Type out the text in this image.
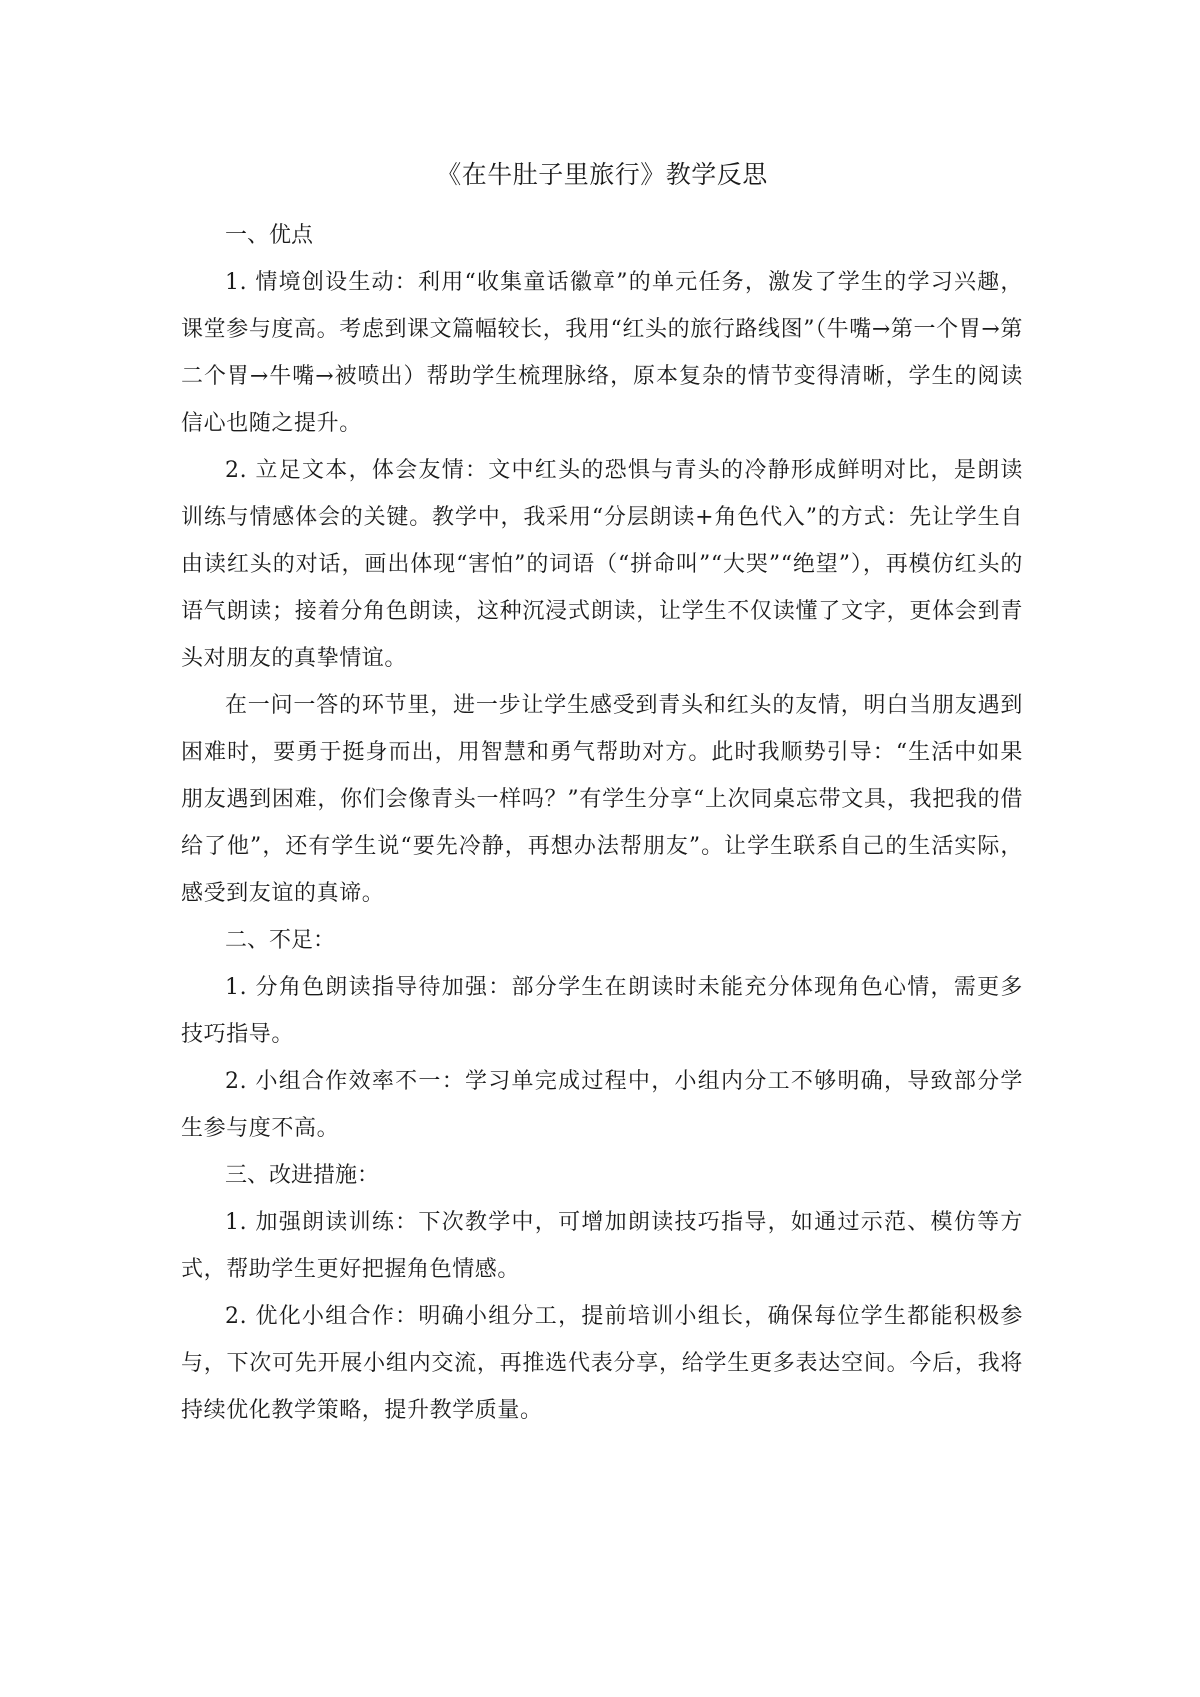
《在牛肚子里旅行》教学反思

一、优点

1. 情境创设生动：利用“收集童话徽章”的单元任务，激发了学生的学习兴趣，课堂参与度高。考虑到课文篇幅较长，我用“红头的旅行路线图”（牛嘴→第一个胃→第二个胃→牛嘴→被喷出）帮助学生梳理脉络，原本复杂的情节变得清晰，学生的阅读信心也随之提升。

2. 立足文本，体会友情：文中红头的恐惧与青头的冷静形成鲜明对比，是朗读训练与情感体会的关键。教学中，我采用“分层朗读+角色代入”的方式：先让学生自由读红头的对话，画出体现“害怕”的词语（“拼命叫”“大哭”“绝望”），再模仿红头的语气朗读；接着分角色朗读，这种沉浸式朗读，让学生不仅读懂了文字，更体会到青头对朋友的真挚情谊。

在一问一答的环节里，进一步让学生感受到青头和红头的友情，明白当朋友遇到困难时，要勇于挺身而出，用智慧和勇气帮助对方。此时我顺势引导：“生活中如果朋友遇到困难，你们会像青头一样吗？”有学生分享“上次同桌忘带文具，我把我的借给了他”，还有学生说“要先冷静，再想办法帮朋友”。让学生联系自己的生活实际，感受到友谊的真谛。

二、不足：

1. 分角色朗读指导待加强：部分学生在朗读时未能充分体现角色心情，需更多技巧指导。

2. 小组合作效率不一：学习单完成过程中，小组内分工不够明确，导致部分学生参与度不高。

三、改进措施：

1. 加强朗读训练：下次教学中，可增加朗读技巧指导，如通过示范、模仿等方式，帮助学生更好把握角色情感。

2. 优化小组合作：明确小组分工，提前培训小组长，确保每位学生都能积极参与，下次可先开展小组内交流，再推选代表分享，给学生更多表达空间。今后，我将持续优化教学策略，提升教学质量。
